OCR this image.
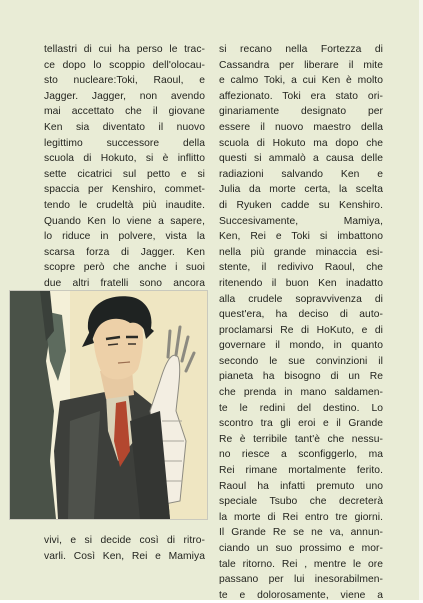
tellastri di cui ha perso le trac-
ce dopo lo scoppio dell'olocau-
sto nucleare:Toki, Raoul, e
Jagger. Jagger, non avendo
mai accettato che il giovane
Ken sia diventato il nuovo
legittimo successore della
scuola di Hokuto, si è inflitto
sette cicatrici sul petto e si
spaccia per Kenshiro, commet-
tendo le crudeltà più inaudite.
Quando Ken lo viene a sapere,
lo riduce in polvere, vista la
scarsa forza di Jagger. Ken
scopre però che anche i suoi
due altri fratelli sono ancora
vivi, e si decide così di ritro-
varli. Così Ken, Rei e Mamiya
si recano nella Fortezza di
Cassandra per liberare il mite
e calmo Toki, a cui Ken è molto
affezionato. Toki era stato ori-
ginariamente designato per
essere il nuovo maestro della
scuola di Hokuto ma dopo che
questi si ammalò a causa delle
radiazioni salvando Ken e
Julia da morte certa, la scelta
di Ryuken cadde su Kenshiro.
Succesivamente, Mamiya,
Ken, Rei e Toki si imbattono
nella più grande minaccia esi-
stente, il redivivo Raoul, che
ritenendo il buon Ken inadatto
alla crudele sopravvivenza di
quest'era, ha deciso di auto-
proclamarsi Re di HoKuto, e di
governare il mondo, in quanto
secondo le sue convinzioni il
pianeta ha bisogno di un Re
che prenda in mano saldamen-
te le redini del destino. Lo
scontro tra gli eroi e il Grande
Re è terribile tant'è che nessu-
no riesce a sconfiggerlo, ma
Rei rimane mortalmente ferito.
Raoul ha infatti premuto uno
speciale Tsubo che decreterà
la morte di Rei entro tre giorni.
Il Grande Re se ne va, annun-
ciando un suo prossimo e mor-
tale ritorno. Rei , mentre le ore
passano per lui inesorabilmen-
te e dolorosamente, viene a
